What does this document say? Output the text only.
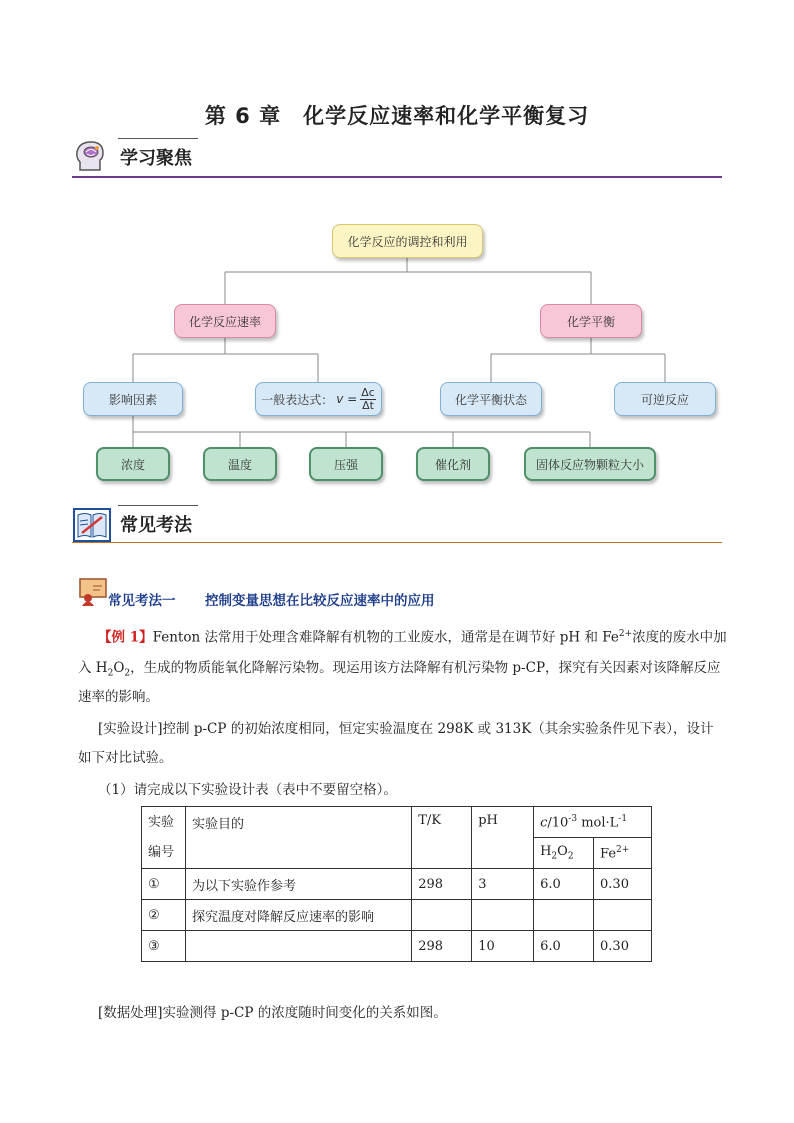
第 6 章　化学反应速率和化学平衡复习
学习聚焦
化学反应的调控和利用
化学反应速率	化学平衡
影响因素	一般表达式： $v = \frac{\Delta c}{\Delta t}$	化学平衡状态	可逆反应
浓度	温度	压强	催化剂	固体反应物颗粒大小
常见考法
常见考法一 控制变量思想在比较反应速率中的应用
【例 1】Fenton 法常用于处理含难降解有机物的工业废水，通常是在调节好 pH 和 $Fe^{2+}$浓度的废水中加
入 $H_2O_2$，生成的物质能氧化降解污染物。现运用该方法降解有机污染物 p-CP，探究有关因素对该降解反应
速率的影响。
[实验设计]控制 p-CP 的初始浓度相同，恒定实验温度在 298K 或 313K（其余实验条件见下表），设计
如下对比试验。
（1）请完成以下实验设计表（表中不要留空格）。
实验
编号	实验目的	T/K	pH	$c/10^{-3}$ $mol\cdot L^{-1}$
				$H_2O_2$	$Fe^{2+}$
①	为以下实验作参考	298	3	6.0	0.30
②	探究温度对降解反应速率的影响				
③		298	10	6.0	0.30
[数据处理]实验测得 p-CP 的浓度随时间变化的关系如图。
